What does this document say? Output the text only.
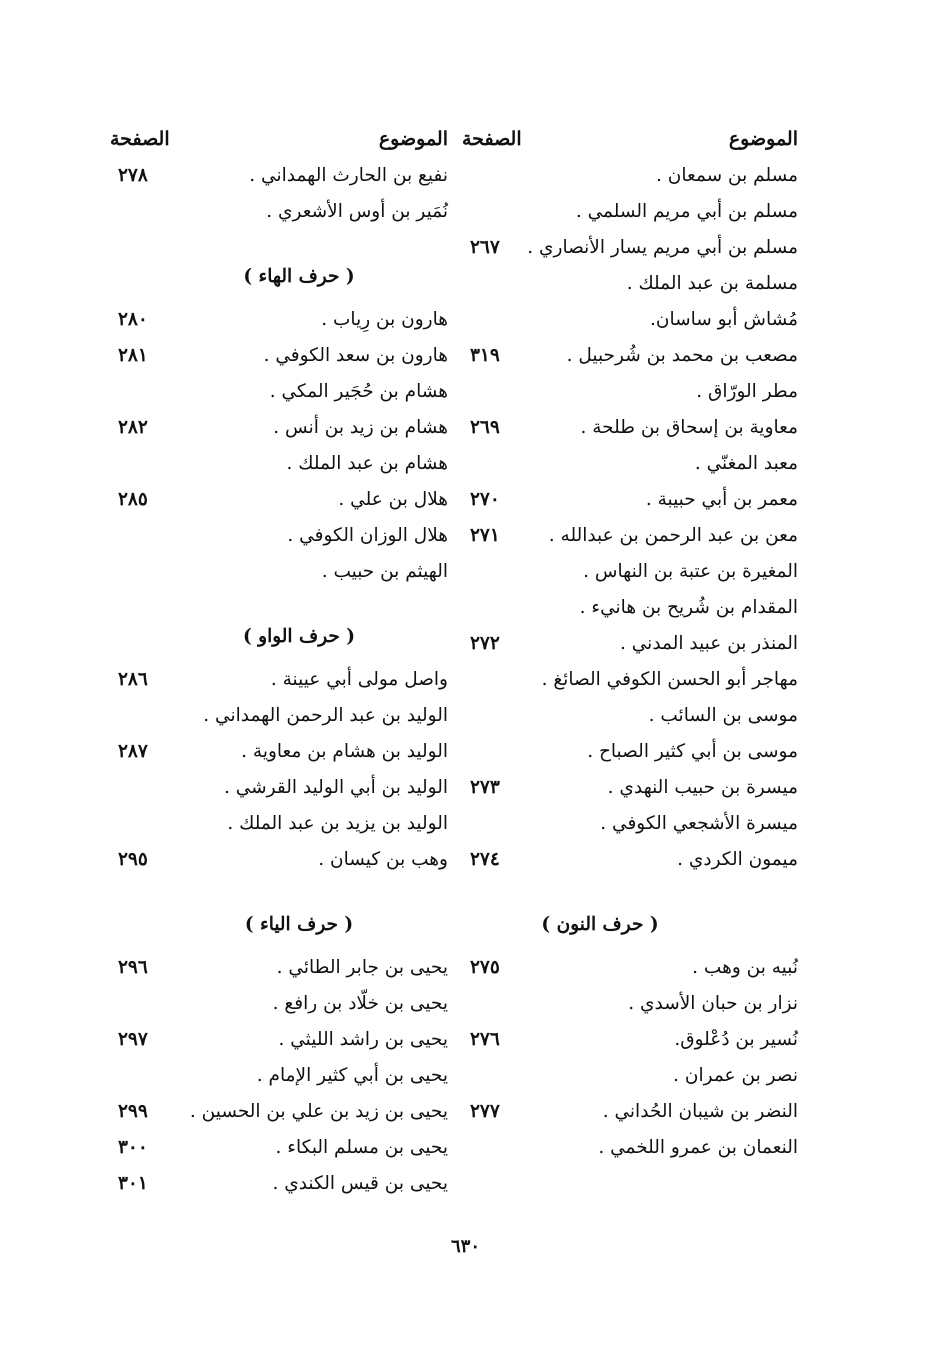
الموضوع
الصفحة
مسلم بن سمعان .
مسلم بن أبي مريم السلمي .
مسلم بن أبي مريم يسار الأنصاري .
٢٦٧
مسلمة بن عبد الملك .
مُشاش أبو ساسان.
مصعب بن محمد بن شُرحبيل .
٣١٩
مطر الورّاق .
معاوية بن إسحاق بن طلحة .
٢٦٩
معبد المغنّي .
معمر بن أبي حبيبة .
٢٧٠
معن بن عبد الرحمن بن عبدالله .
٢٧١
المغيرة بن عتبة بن النهاس .
المقدام بن شُريح بن هانيء .
المنذر بن عبيد المدني .
٢٧٢
مهاجر أبو الحسن الكوفي الصائغ .
موسى بن السائب .
موسى بن أبي كثير الصباح .
ميسرة بن حبيب النهدي .
٢٧٣
ميسرة الأشجعي الكوفي .
ميمون الكردي .
٢٧٤
( حرف النون )
نُبيه بن وهب .
٢٧٥
نزار بن حبان الأسدي .
نُسير بن دُعْلوق.
٢٧٦
نصر بن عمران .
النضر بن شيبان الحُداني .
٢٧٧
النعمان بن عمرو اللخمي .
الموضوع
الصفحة
نفيع بن الحارث الهمداني .
٢٧٨
نُمَير بن أوس الأشعري .
( حرف الهاء )
هارون بن رِياب .
٢٨٠
هارون بن سعد الكوفي .
٢٨١
هشام بن حُجَير المكي .
هشام بن زيد بن أنس .
٢٨٢
هشام بن عبد الملك .
هلال بن علي .
٢٨٥
هلال الوزان الكوفي .
الهيثم بن حبيب .
( حرف الواو )
واصل مولى أبي عيينة .
٢٨٦
الوليد بن عبد الرحمن الهمداني .
الوليد بن هشام بن معاوية .
٢٨٧
الوليد بن أبي الوليد القرشي .
الوليد بن يزيد بن عبد الملك .
وهب بن كيسان .
٢٩٥
( حرف الياء )
يحيى بن جابر الطائي .
٢٩٦
يحيى بن خلّاد بن رافع .
يحيى بن راشد الليثي .
٢٩٧
يحيى بن أبي كثير الإمام .
يحيى بن زيد بن علي بن الحسين .
٢٩٩
يحيى بن مسلم البكاء .
٣٠٠
يحيى بن قيس الكندي .
٣٠١
٦٣٠
